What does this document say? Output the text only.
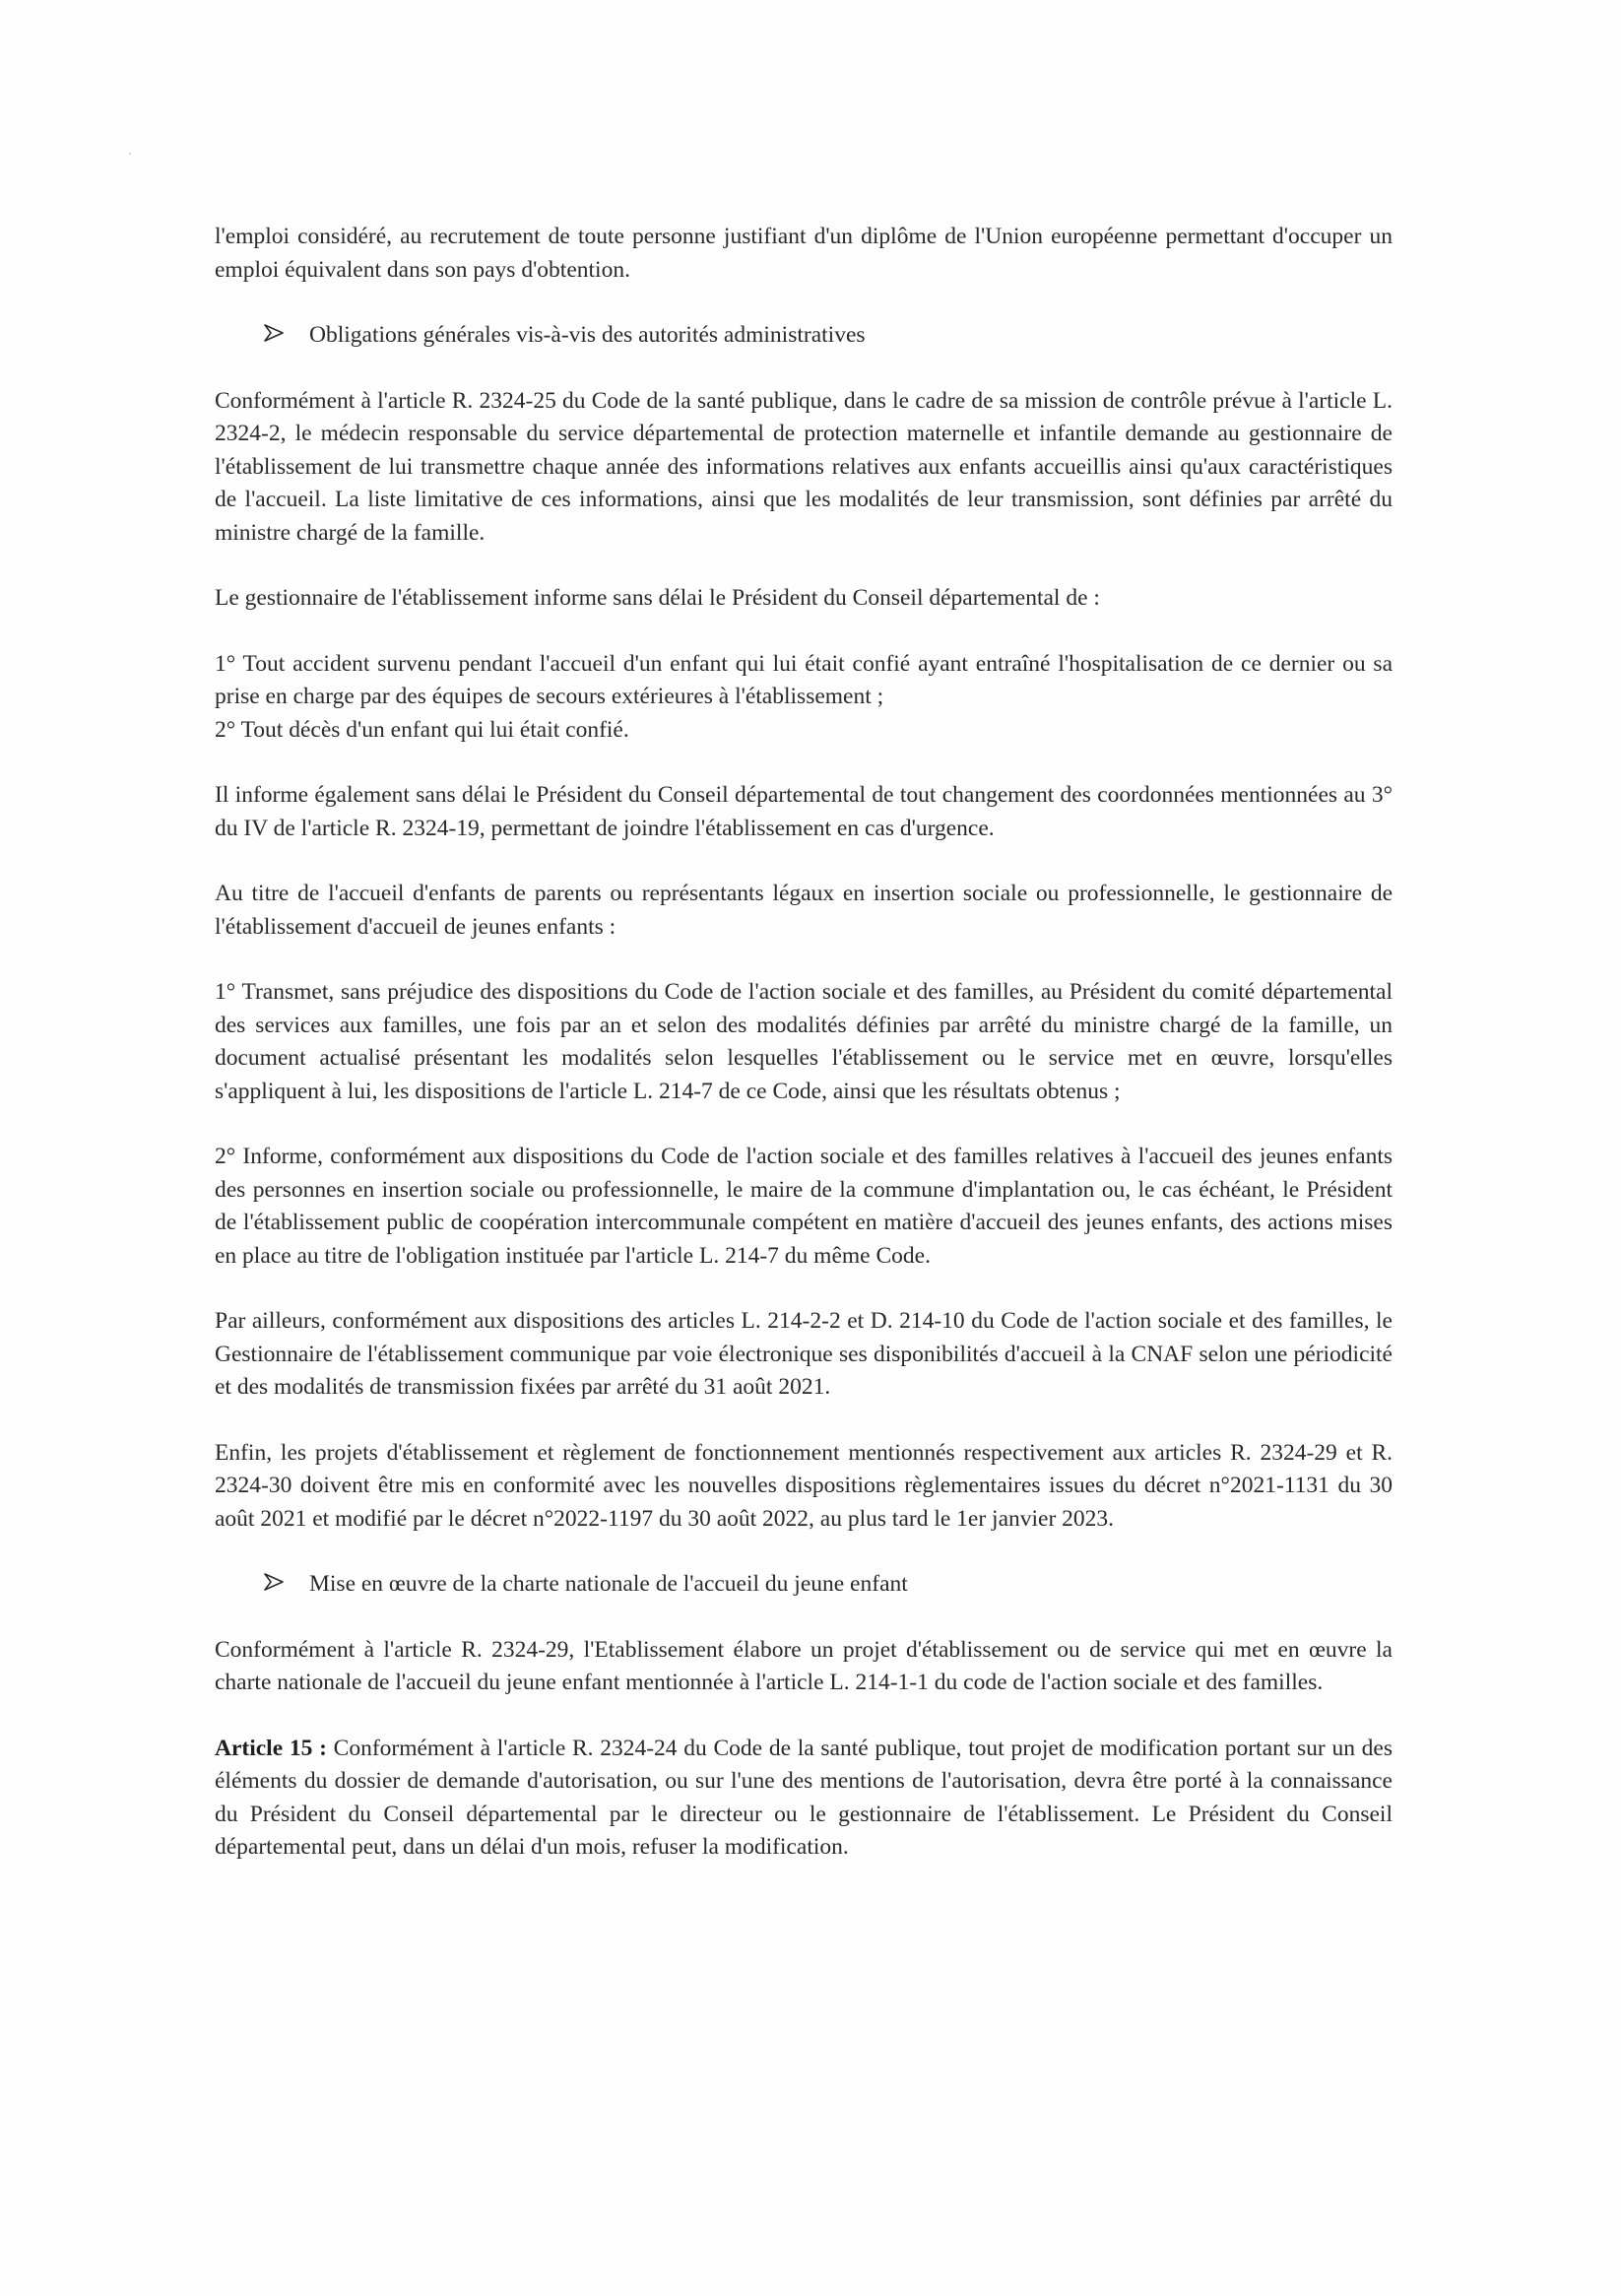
l'emploi considéré, au recrutement de toute personne justifiant d'un diplôme de l'Union européenne permettant d'occuper un emploi équivalent dans son pays d'obtention.

Obligations générales vis-à-vis des autorités administratives

Conformément à l'article R. 2324-25 du Code de la santé publique, dans le cadre de sa mission de contrôle prévue à l'article L. 2324-2, le médecin responsable du service départemental de protection maternelle et infantile demande au gestionnaire de l'établissement de lui transmettre chaque année des informations relatives aux enfants accueillis ainsi qu'aux caractéristiques de l'accueil. La liste limitative de ces informations, ainsi que les modalités de leur transmission, sont définies par arrêté du ministre chargé de la famille.

Le gestionnaire de l'établissement informe sans délai le Président du Conseil départemental de :

1° Tout accident survenu pendant l'accueil d'un enfant qui lui était confié ayant entraîné l'hospitalisation de ce dernier ou sa prise en charge par des équipes de secours extérieures à l'établissement ;

2° Tout décès d'un enfant qui lui était confié.

Il informe également sans délai le Président du Conseil départemental de tout changement des coordonnées mentionnées au 3° du IV de l'article R. 2324-19, permettant de joindre l'établissement en cas d'urgence.

Au titre de l'accueil d'enfants de parents ou représentants légaux en insertion sociale ou professionnelle, le gestionnaire de l'établissement d'accueil de jeunes enfants :

1° Transmet, sans préjudice des dispositions du Code de l'action sociale et des familles, au Président du comité départemental des services aux familles, une fois par an et selon des modalités définies par arrêté du ministre chargé de la famille, un document actualisé présentant les modalités selon lesquelles l'établissement ou le service met en œuvre, lorsqu'elles s'appliquent à lui, les dispositions de l'article L. 214-7 de ce Code, ainsi que les résultats obtenus ;

2° Informe, conformément aux dispositions du Code de l'action sociale et des familles relatives à l'accueil des jeunes enfants des personnes en insertion sociale ou professionnelle, le maire de la commune d'implantation ou, le cas échéant, le Président de l'établissement public de coopération intercommunale compétent en matière d'accueil des jeunes enfants, des actions mises en place au titre de l'obligation instituée par l'article L. 214-7 du même Code.

Par ailleurs, conformément aux dispositions des articles L. 214-2-2 et D. 214-10 du Code de l'action sociale et des familles, le Gestionnaire de l'établissement communique par voie électronique ses disponibilités d'accueil à la CNAF selon une périodicité et des modalités de transmission fixées par arrêté du 31 août 2021.

Enfin, les projets d'établissement et règlement de fonctionnement mentionnés respectivement aux articles R. 2324-29 et R. 2324-30 doivent être mis en conformité avec les nouvelles dispositions règlementaires issues du décret n°2021-1131 du 30 août 2021 et modifié par le décret n°2022-1197 du 30 août 2022, au plus tard le 1er janvier 2023.

Mise en œuvre de la charte nationale de l'accueil du jeune enfant

Conformément à l'article R. 2324-29, l'Etablissement élabore un projet d'établissement ou de service qui met en œuvre la charte nationale de l'accueil du jeune enfant mentionnée à l'article L. 214-1-1 du code de l'action sociale et des familles.

Article 15 : Conformément à l'article R. 2324-24 du Code de la santé publique, tout projet de modification portant sur un des éléments du dossier de demande d'autorisation, ou sur l'une des mentions de l'autorisation, devra être porté à la connaissance du Président du Conseil départemental par le directeur ou le gestionnaire de l'établissement. Le Président du Conseil départemental peut, dans un délai d'un mois, refuser la modification.
